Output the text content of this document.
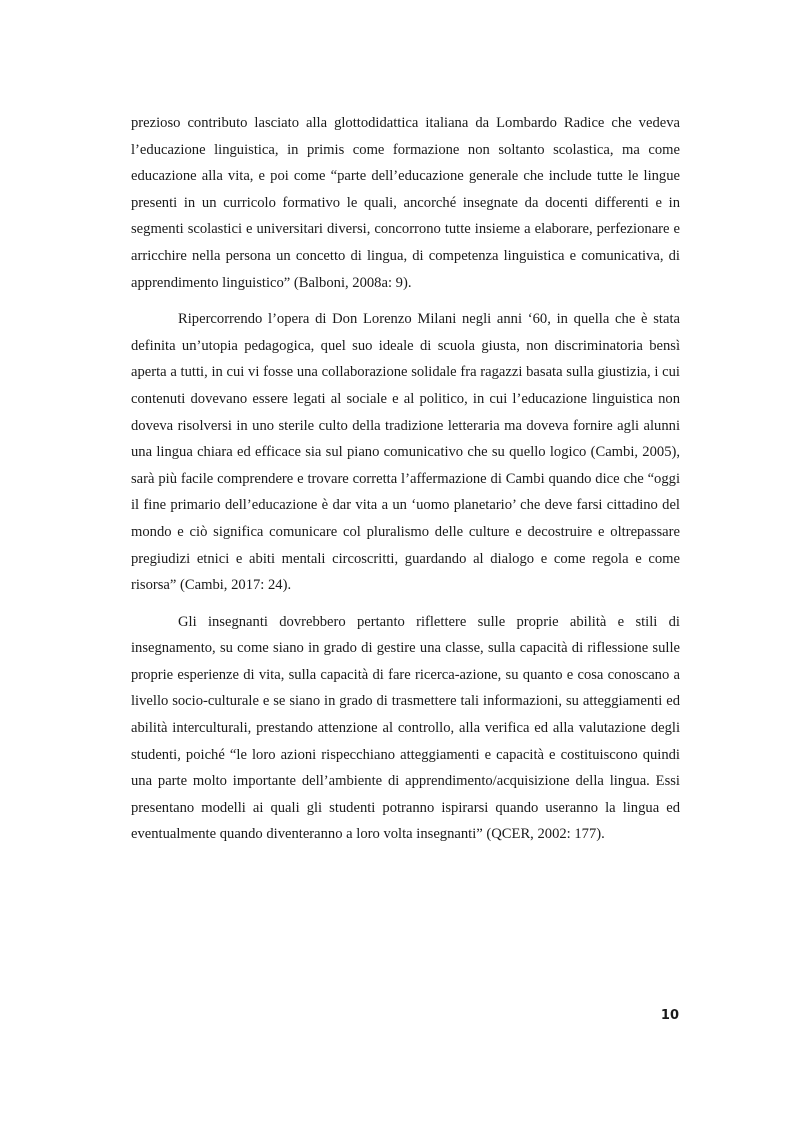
prezioso contributo lasciato alla glottodidattica italiana da Lombardo Radice che vedeva l’educazione linguistica, in primis come formazione non soltanto scolastica, ma come educazione alla vita, e poi come “parte dell’educazione generale che include tutte le lingue presenti in un curricolo formativo le quali, ancorché insegnate da docenti differenti e in segmenti scolastici e universitari diversi, concorrono tutte insieme a elaborare, perfezionare e arricchire nella persona un concetto di lingua, di competenza linguistica e comunicativa, di apprendimento linguistico” (Balboni, 2008a: 9).

Ripercorrendo l’opera di Don Lorenzo Milani negli anni ‘60, in quella che è stata definita un’utopia pedagogica, quel suo ideale di scuola giusta, non discriminatoria bensì aperta a tutti, in cui vi fosse una collaborazione solidale fra ragazzi basata sulla giustizia, i cui contenuti dovevano essere legati al sociale e al politico, in cui l’educazione linguistica non doveva risolversi in uno sterile culto della tradizione letteraria ma doveva fornire agli alunni una lingua chiara ed efficace sia sul piano comunicativo che su quello logico (Cambi, 2005), sarà più facile comprendere e trovare corretta l’affermazione di Cambi quando dice che “oggi il fine primario dell’educazione è dar vita a un ‘uomo planetario’ che deve farsi cittadino del mondo e ciò significa comunicare col pluralismo delle culture e decostruire e oltrepassare pregiudizi etnici e abiti mentali circoscritti, guardando al dialogo e come regola e come risorsa” (Cambi, 2017: 24).

Gli insegnanti dovrebbero pertanto riflettere sulle proprie abilità e stili di insegnamento, su come siano in grado di gestire una classe, sulla capacità di riflessione sulle proprie esperienze di vita, sulla capacità di fare ricerca-azione, su quanto e cosa conoscano a livello socio-culturale e se siano in grado di trasmettere tali informazioni, su atteggiamenti ed abilità interculturali, prestando attenzione al controllo, alla verifica ed alla valutazione degli studenti, poiché “le loro azioni rispecchiano atteggiamenti e capacità e costituiscono quindi una parte molto importante dell’ambiente di apprendimento/acquisizione della lingua. Essi presentano modelli ai quali gli studenti potranno ispirarsi quando useranno la lingua ed eventualmente quando diventeranno a loro volta insegnanti” (QCER, 2002: 177).

10
